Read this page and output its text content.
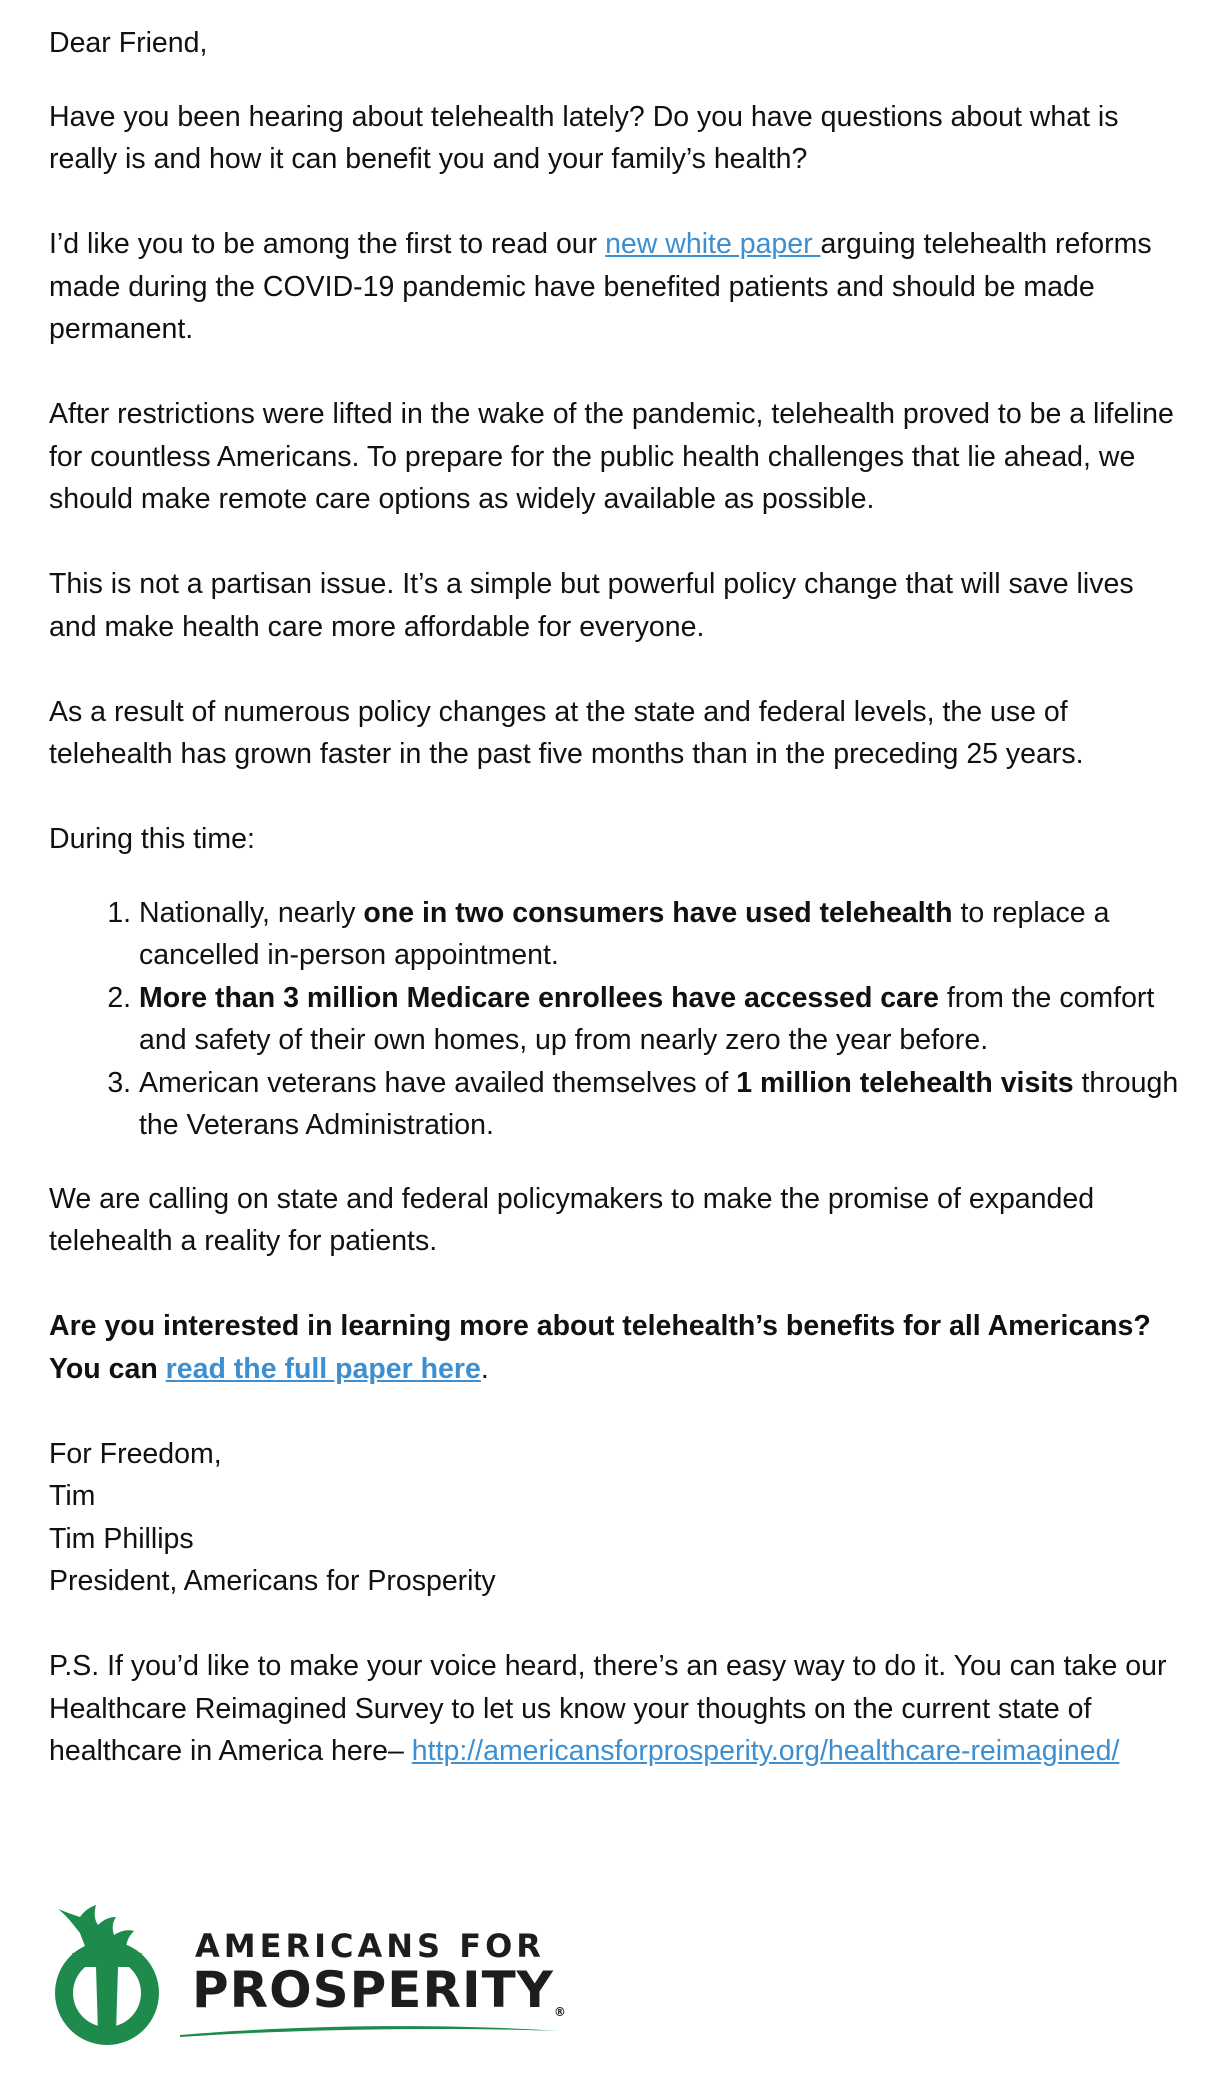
Dear Friend,

Have you been hearing about telehealth lately? Do you have questions about what is really is and how it can benefit you and your family’s health?

I’d like you to be among the first to read our new white paper arguing telehealth reforms made during the COVID-19 pandemic have benefited patients and should be made permanent.

After restrictions were lifted in the wake of the pandemic, telehealth proved to be a lifeline for countless Americans. To prepare for the public health challenges that lie ahead, we should make remote care options as widely available as possible.

This is not a partisan issue. It’s a simple but powerful policy change that will save lives and make health care more affordable for everyone.

As a result of numerous policy changes at the state and federal levels, the use of telehealth has grown faster in the past five months than in the preceding 25 years.

During this time:

1. Nationally, nearly one in two consumers have used telehealth to replace a cancelled in-person appointment.
2. More than 3 million Medicare enrollees have accessed care from the comfort and safety of their own homes, up from nearly zero the year before.
3. American veterans have availed themselves of 1 million telehealth visits through the Veterans Administration.

We are calling on state and federal policymakers to make the promise of expanded telehealth a reality for patients.

Are you interested in learning more about telehealth’s benefits for all Americans? You can read the full paper here.

For Freedom,

Tim

Tim Phillips

President, Americans for Prosperity

P.S. If you’d like to make your voice heard, there’s an easy way to do it. You can take our Healthcare Reimagined Survey to let us know your thoughts on the current state of healthcare in America here– http://americansforprosperity.org/healthcare-reimagined/

AMERICANS FOR
PROSPERITY®
